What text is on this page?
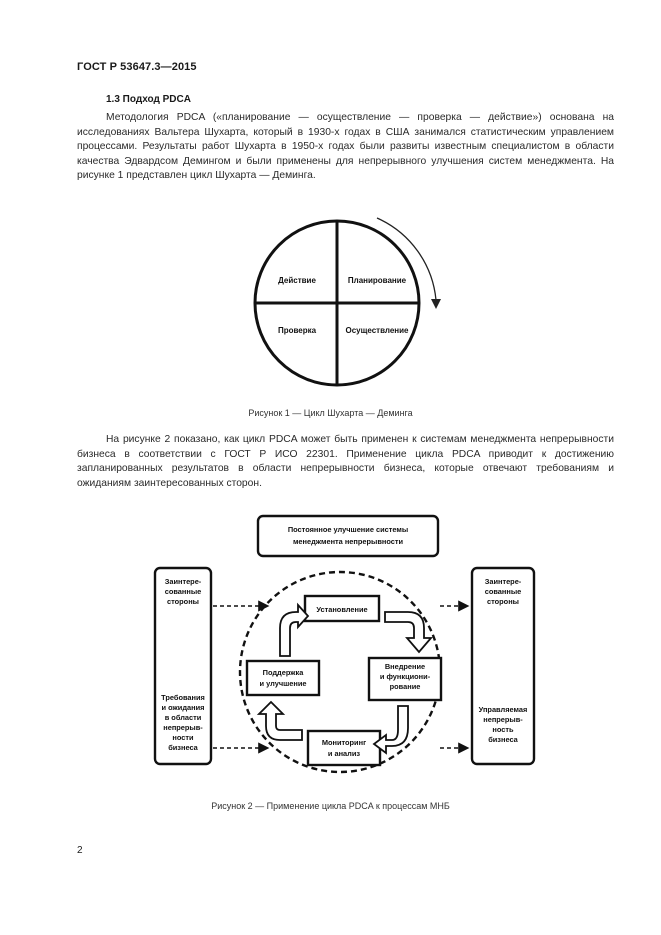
ГОСТ Р 53647.3—2015
1.3 Подход PDCA
Методология PDCA («планирование — осуществление — проверка — действие») основана на исследованиях Вальтера Шухарта, который в 1930-х годах в США занимался статистическим управлением процессами. Результаты работ Шухарта в 1950-х годах были развиты известным специалистом в области качества Эдвардсом Демингом и были применены для непрерывного улучшения систем менеджмента. На рисунке 1 представлен цикл Шухарта — Деминга.
Действие	Планирование
Проверка	Осуществление
Рисунок 1 — Цикл Шухарта — Деминга
На рисунке 2 показано, как цикл PDCA может быть применен к системам менеджмента непрерывности бизнеса в соответствии с ГОСТ Р ИСО 22301. Применение цикла PDCA приводит к достижению запланированных результатов в области непрерывности бизнеса, которые отвечают требованиям и ожиданиям заинтересованных сторон.
Постоянное улучшение системы
менеджмента непрерывности
Заинтере-
сованные
стороны
Требования
и ожидания
в области
непрерыв-
ности
бизнеса
Заинтере-
сованные
стороны
Управляемая
непрерыв-
ность
бизнеса
Установление
Внедрение
и функциони-
рование
Мониторинг
и анализ
Поддержка
и улучшение
Рисунок 2 — Применение цикла PDCA к процессам МНБ
2
